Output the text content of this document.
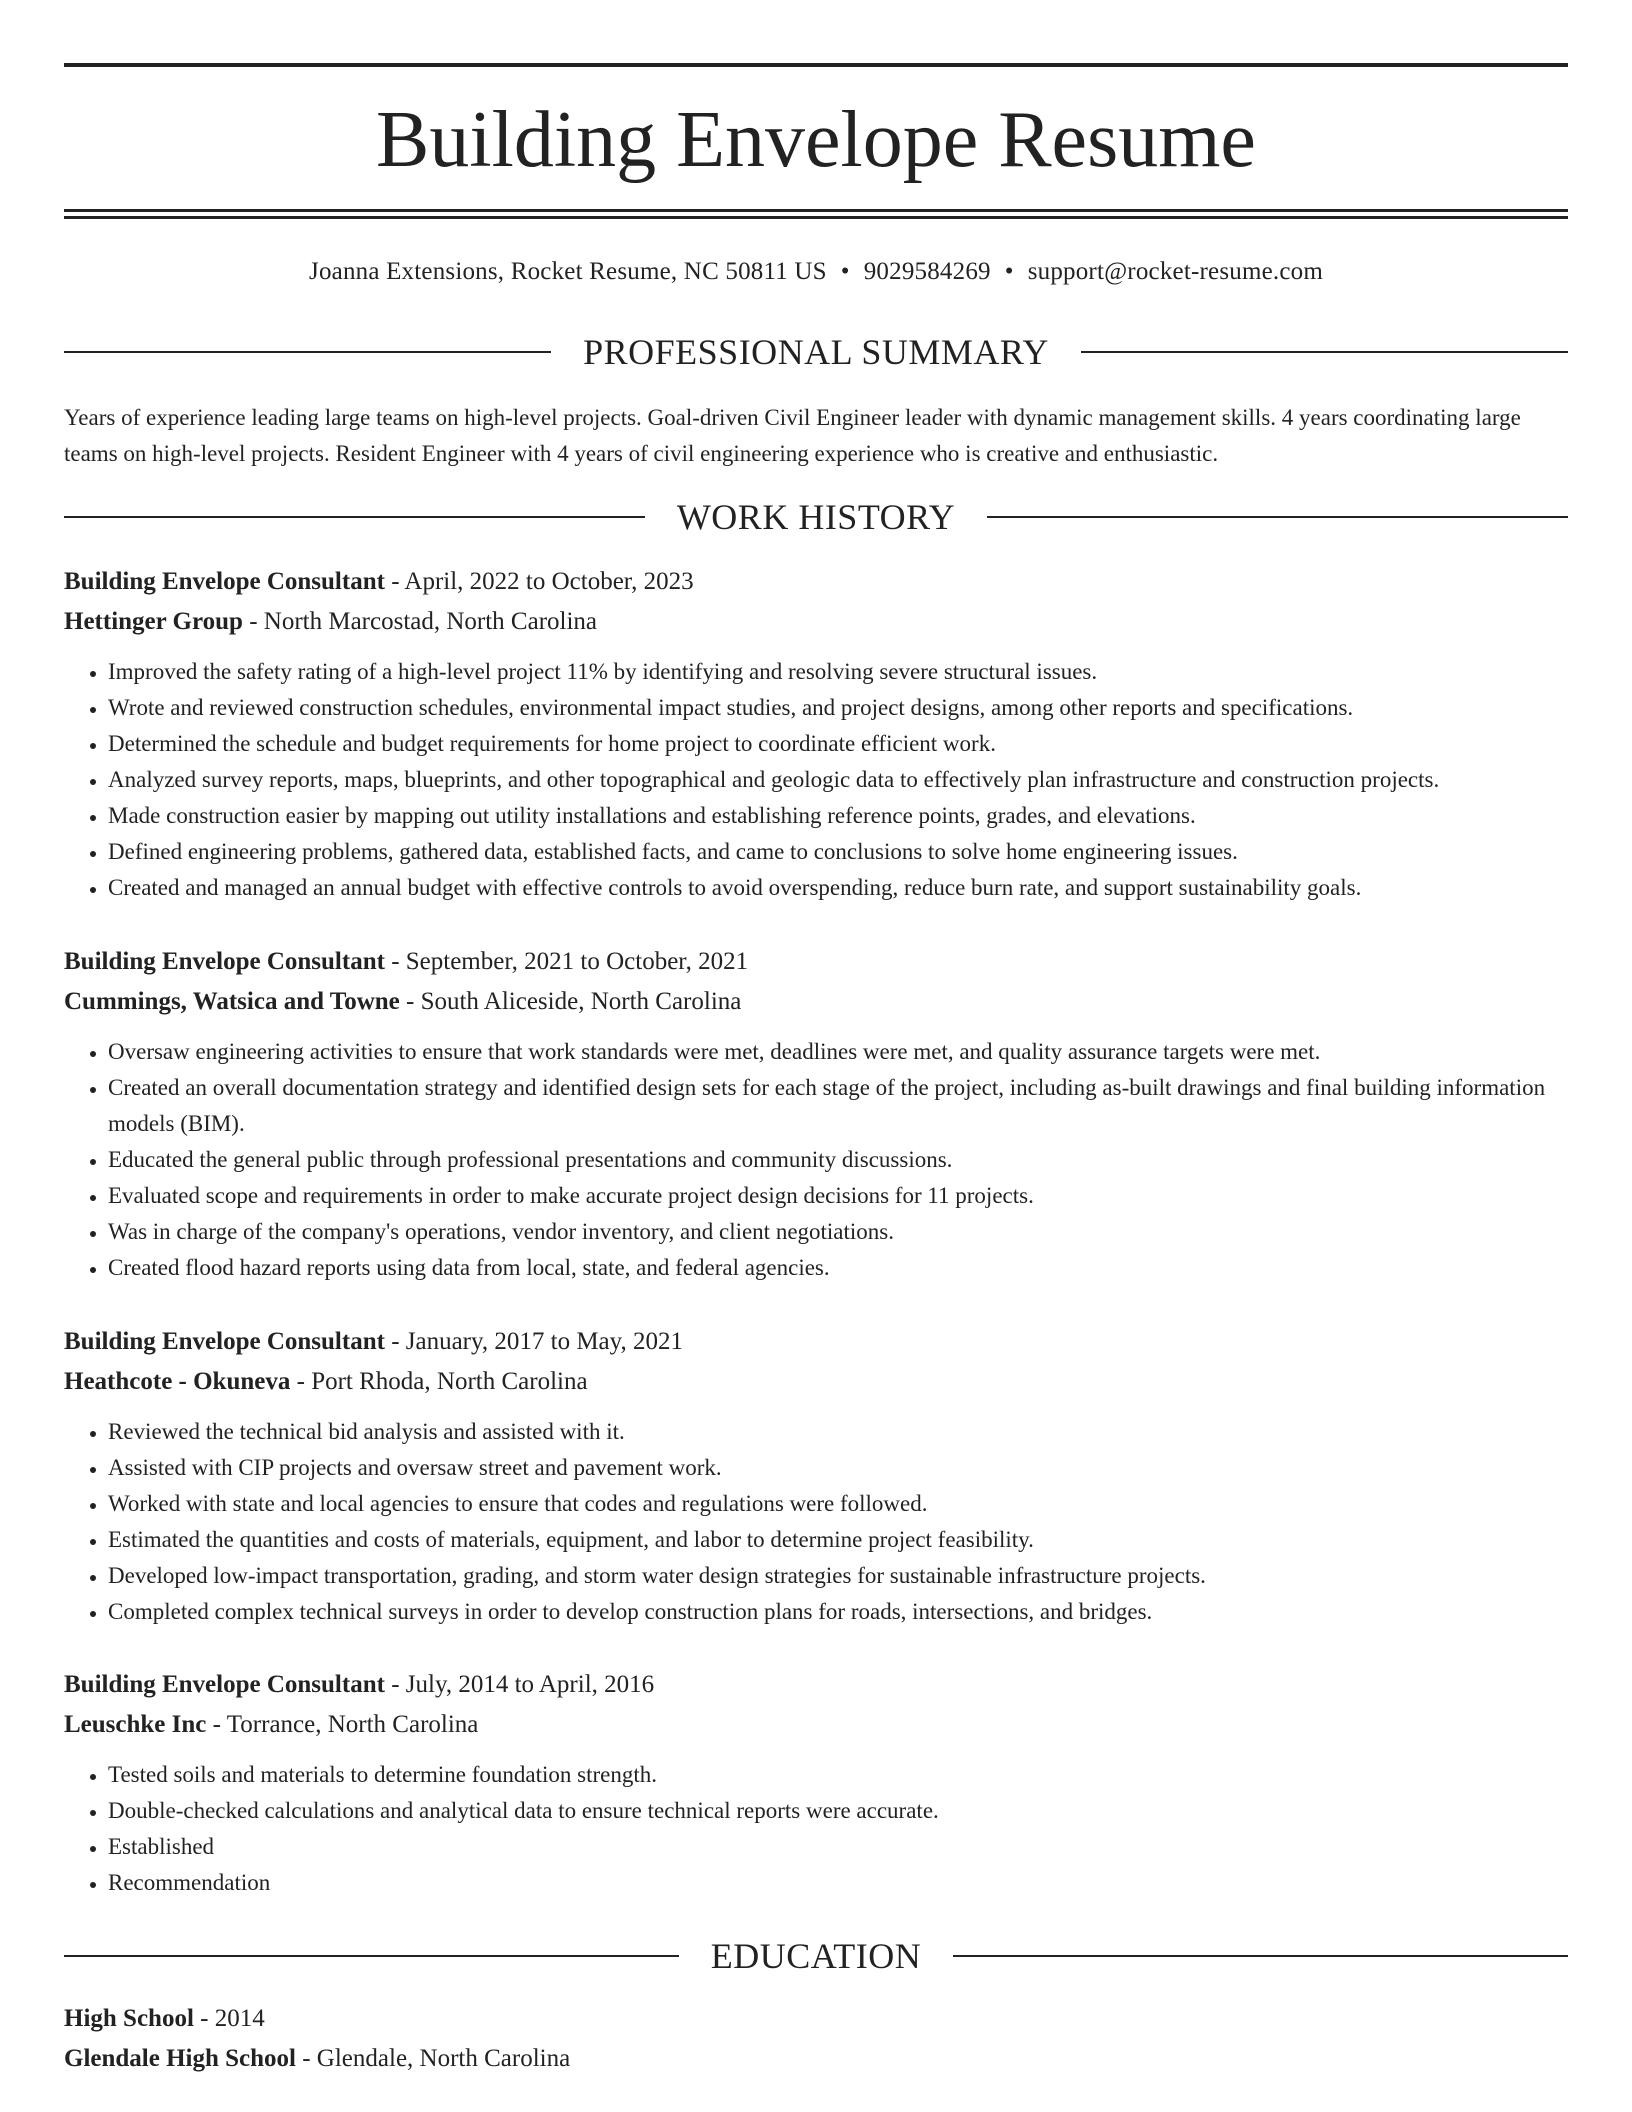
Building Envelope Resume
Joanna Extensions, Rocket Resume, NC 50811 US • 9029584269 • support@rocket-resume.com
PROFESSIONAL SUMMARY

Years of experience leading large teams on high-level projects. Goal-driven Civil Engineer leader with dynamic management skills. 4 years coordinating large teams on high-level projects. Resident Engineer with 4 years of civil engineering experience who is creative and enthusiastic.

WORK HISTORY

Building Envelope Consultant - April, 2022 to October, 2023

Hettinger Group - North Marcostad, North Carolina

• Improved the safety rating of a high-level project 11% by identifying and resolving severe structural issues.
• Wrote and reviewed construction schedules, environmental impact studies, and project designs, among other reports and specifications.
• Determined the schedule and budget requirements for home project to coordinate efficient work.
• Analyzed survey reports, maps, blueprints, and other topographical and geologic data to effectively plan infrastructure and construction projects.
• Made construction easier by mapping out utility installations and establishing reference points, grades, and elevations.
• Defined engineering problems, gathered data, established facts, and came to conclusions to solve home engineering issues.
• Created and managed an annual budget with effective controls to avoid overspending, reduce burn rate, and support sustainability goals.

Building Envelope Consultant - September, 2021 to October, 2021

Cummings, Watsica and Towne - South Aliceside, North Carolina

• Oversaw engineering activities to ensure that work standards were met, deadlines were met, and quality assurance targets were met.
• Created an overall documentation strategy and identified design sets for each stage of the project, including as-built drawings and final building information models (BIM).
• Educated the general public through professional presentations and community discussions.
• Evaluated scope and requirements in order to make accurate project design decisions for 11 projects.
• Was in charge of the company's operations, vendor inventory, and client negotiations.
• Created flood hazard reports using data from local, state, and federal agencies.

Building Envelope Consultant - January, 2017 to May, 2021

Heathcote - Okuneva - Port Rhoda, North Carolina

• Reviewed the technical bid analysis and assisted with it.
• Assisted with CIP projects and oversaw street and pavement work.
• Worked with state and local agencies to ensure that codes and regulations were followed.
• Estimated the quantities and costs of materials, equipment, and labor to determine project feasibility.
• Developed low-impact transportation, grading, and storm water design strategies for sustainable infrastructure projects.
• Completed complex technical surveys in order to develop construction plans for roads, intersections, and bridges.

Building Envelope Consultant - July, 2014 to April, 2016

Leuschke Inc - Torrance, North Carolina

• Tested soils and materials to determine foundation strength.
• Double-checked calculations and analytical data to ensure technical reports were accurate.
• Established
• Recommendation
EDUCATION

High School - 2014

Glendale High School - Glendale, North Carolina
